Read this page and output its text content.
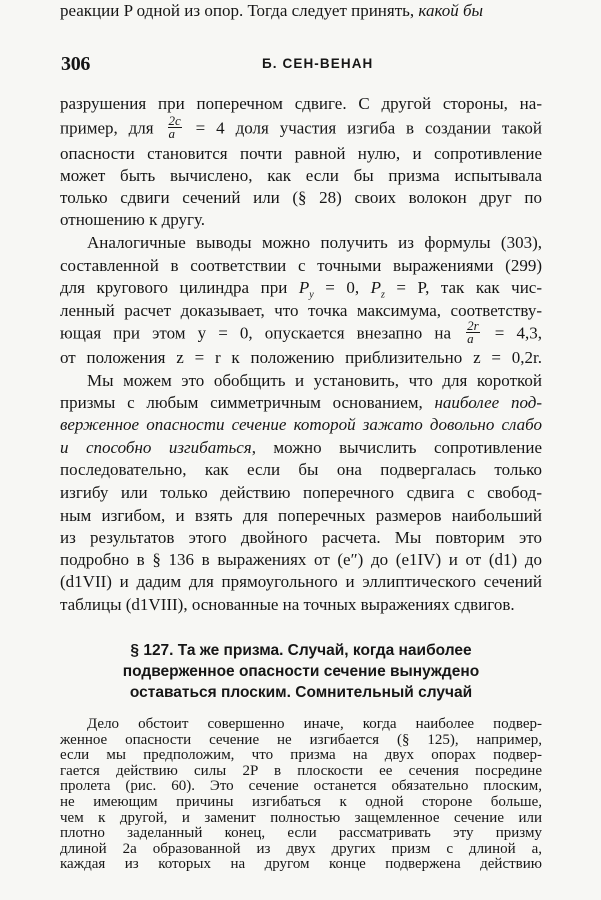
306	Б. СЕН-ВЕНАН
разрушения при поперечном сдвиге. С другой стороны, на-
пример, для $\frac{2c}{a} = 4$ доля участия изгиба в создании такой
опасности становится почти равной нулю, и сопротивление
может быть вычислено, как если бы призма испытывала
только сдвиги сечений или (§ 28) своих волокон друг по
отношению к другу.
Аналогичные выводы можно получить из формулы (303),
составленной в соответствии с точными выражениями (299)
для кругового цилиндра при $P_y = 0$, $P_z = P$, так как чис-
ленный расчет доказывает, что точка максимума, соответству-
ющая при этом y = 0, опускается внезапно на $\frac{2r}{a} = 4,3$,
от положения z = r к положению приблизительно z = 0,2r.
Мы можем это обобщить и установить, что для короткой
призмы с любым симметричным основанием, наиболее под-
верженное опасности сечение которой зажато довольно слабо
и способно изгибаться, можно вычислить сопротивление
последовательно, как если бы она подвергалась только
изгибу или только действию поперечного сдвига с свобод-
ным изгибом, и взять для поперечных размеров наибольший
из результатов этого двойного расчета. Мы повторим это
подробно в § 136 в выражениях от (e″) до (e1IV) и от (d1) до
(d1VII) и дадим для прямоугольного и эллиптического сечений
таблицы (d1VIII), основанные на точных выражениях сдвигов.
§ 127. Та же призма. Случай, когда наиболее
подверженное опасности сечение вынуждено
оставаться плоским. Сомнительный случай
Дело обстоит совершенно иначе, когда наиболее подвер-
женное опасности сечение не изгибается (§ 125), например,
если мы предположим, что призма на двух опорах подвер-
гается действию силы 2P в плоскости ее сечения посредине
пролета (рис. 60). Это сечение останется обязательно плоским,
не имеющим причины изгибаться к одной стороне больше,
чем к другой, и заменит полностью защемленное сечение или
плотно заделанный конец, если рассматривать эту призму
длиной 2a образованной из двух других призм с длиной a,
каждая из которых на другом конце подвержена действию
реакции P одной из опор. Тогда следует принять, какой бы
